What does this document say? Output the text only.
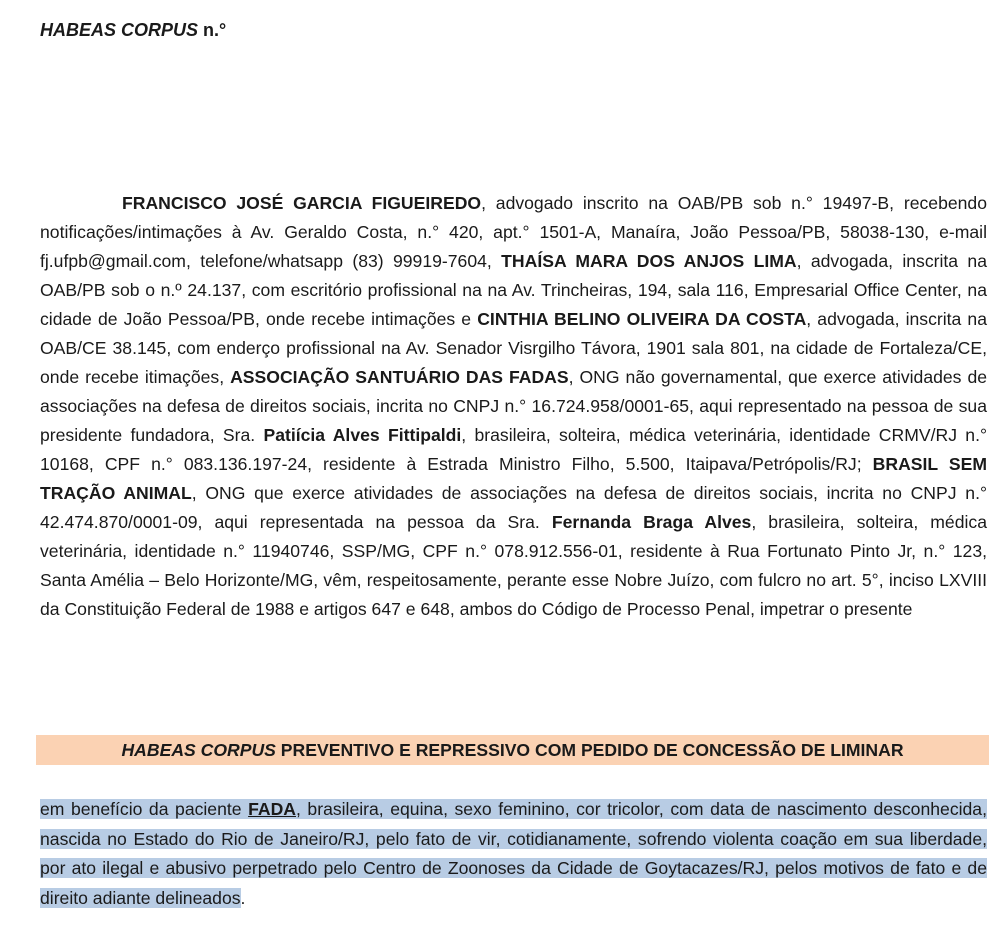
HABEAS CORPUS n.°

FRANCISCO JOSÉ GARCIA FIGUEIREDO, advogado inscrito na OAB/PB sob n.° 19497-B, recebendo notificações/intimações à Av. Geraldo Costa, n.° 420, apt.° 1501-A, Manaíra, João Pessoa/PB, 58038-130, e-mail fj.ufpb@gmail.com, telefone/whatsapp (83) 99919-7604, THAÍSA MARA DOS ANJOS LIMA, advogada, inscrita na OAB/PB sob o n.º 24.137, com escritório profissional na na Av. Trincheiras, 194, sala 116, Empresarial Office Center, na cidade de João Pessoa/PB, onde recebe intimações e CINTHIA BELINO OLIVEIRA DA COSTA, advogada, inscrita na OAB/CE 38.145, com enderço profissional na Av. Senador Visrgilho Távora, 1901 sala 801, na cidade de Fortaleza/CE, onde recebe itimações, ASSOCIAÇÃO SANTUÁRIO DAS FADAS, ONG não governamental, que exerce atividades de associações na defesa de direitos sociais, incrita no CNPJ n.° 16.724.958/0001-65, aqui representado na pessoa de sua presidente fundadora, Sra. Patiícia Alves Fittipaldi, brasileira, solteira, médica veterinária, identidade CRMV/RJ n.° 10168, CPF n.° 083.136.197-24, residente à Estrada Ministro Filho, 5.500, Itaipava/Petrópolis/RJ; BRASIL SEM TRAÇÃO ANIMAL, ONG que exerce atividades de associações na defesa de direitos sociais, incrita no CNPJ n.° 42.474.870/0001-09, aqui representada na pessoa da Sra. Fernanda Braga Alves, brasileira, solteira, médica veterinária, identidade n.° 11940746, SSP/MG, CPF n.° 078.912.556-01, residente à Rua Fortunato Pinto Jr, n.° 123, Santa Amélia – Belo Horizonte/MG, vêm, respeitosamente, perante esse Nobre Juízo, com fulcro no art. 5°, inciso LXVIII da Constituição Federal de 1988 e artigos 647 e 648, ambos do Código de Processo Penal, impetrar o presente

HABEAS CORPUS PREVENTIVO E REPRESSIVO COM PEDIDO DE CONCESSÃO DE LIMINAR

em benefício da paciente FADA, brasileira, equina, sexo feminino, cor tricolor, com data de nascimento desconhecida, nascida no Estado do Rio de Janeiro/RJ, pelo fato de vir, cotidianamente, sofrendo violenta coação em sua liberdade, por ato ilegal e abusivo perpetrado pelo Centro de Zoonoses da Cidade de Goytacazes/RJ, pelos motivos de fato e de direito adiante delineados.
